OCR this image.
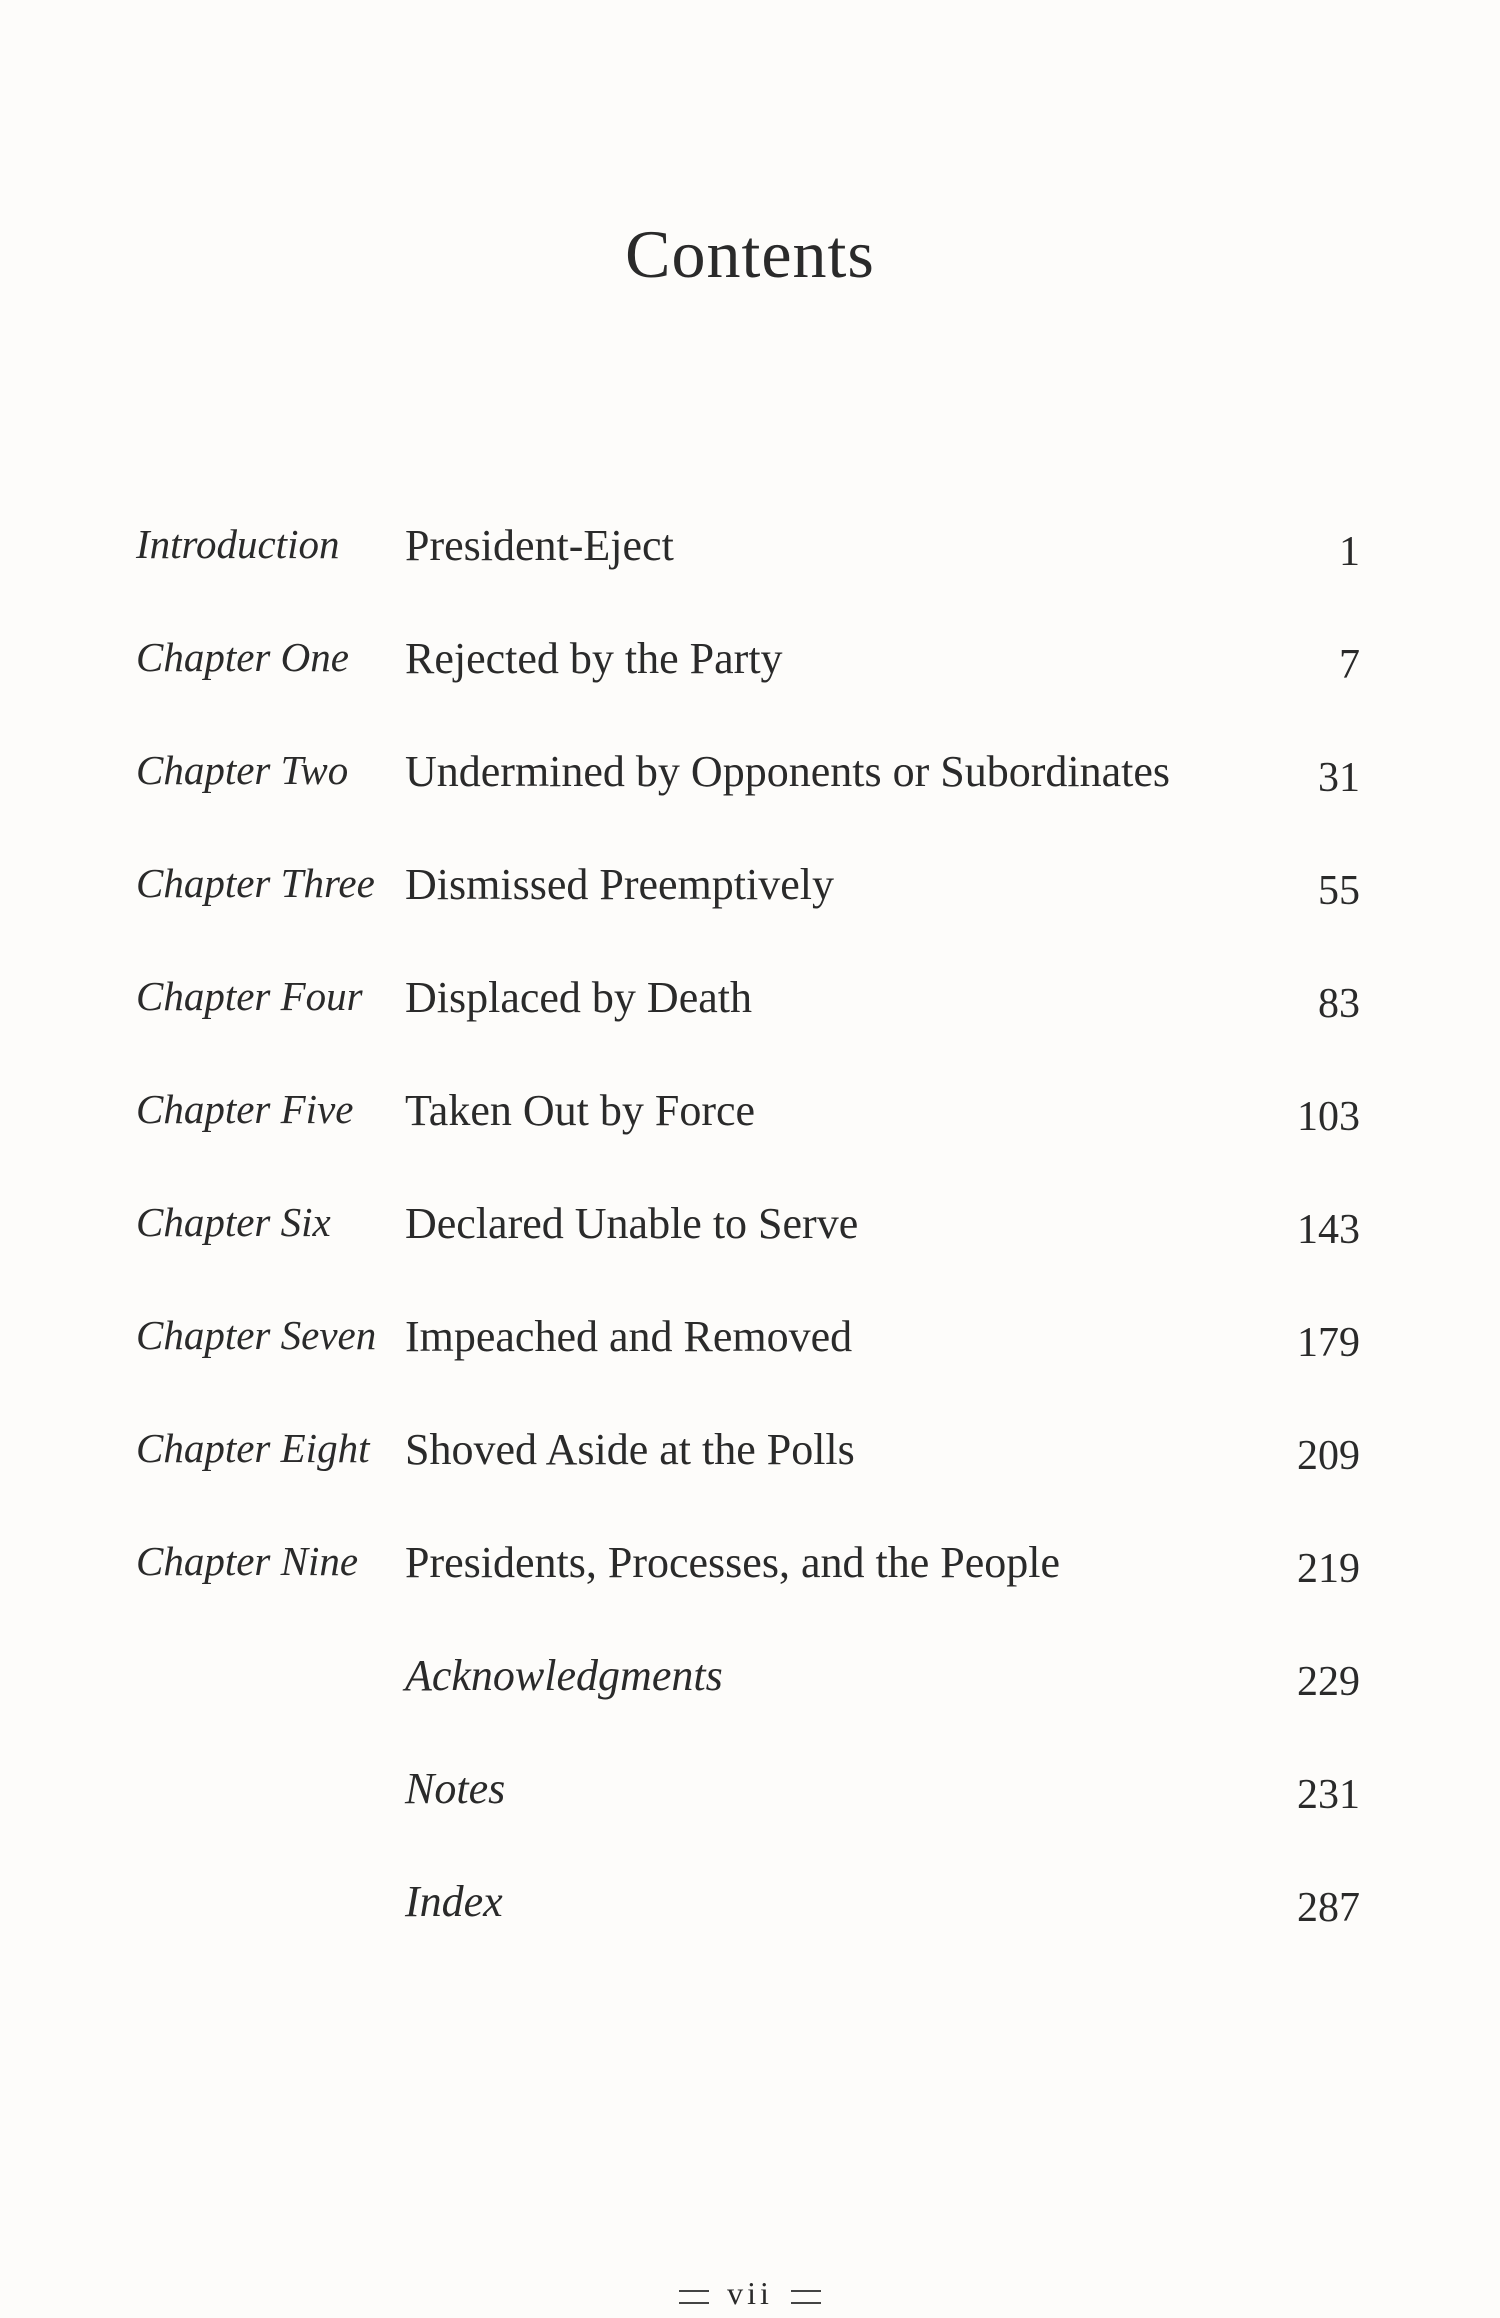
Contents
Introduction President-Eject	1
Chapter One Rejected by the Party	7
Chapter Two Undermined by Opponents or Subordinates	31
Chapter Three Dismissed Preemptively	55
Chapter Four Displaced by Death	83
Chapter Five Taken Out by Force	103
Chapter Six Declared Unable to Serve	143
Chapter Seven Impeached and Removed	179
Chapter Eight Shoved Aside at the Polls	209
Chapter Nine Presidents, Processes, and the People	219
Acknowledgments	229
Notes	231
Index	287
vii
